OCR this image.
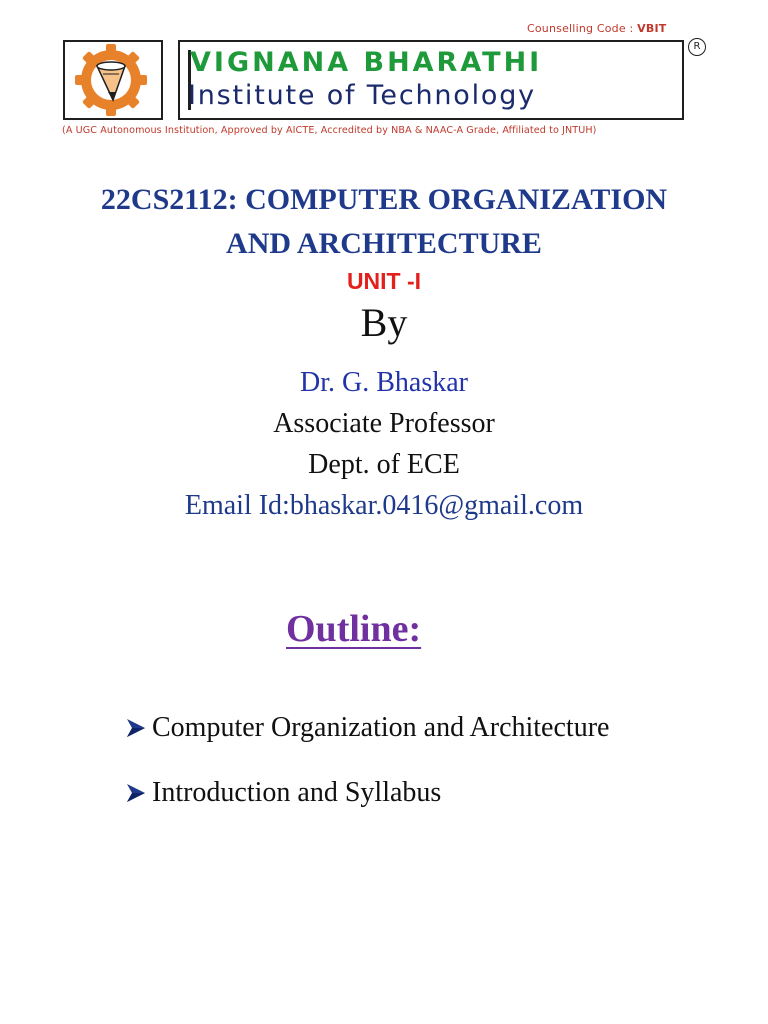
Counselling Code : VBIT
VIGNANA BHARATHI
Institute of Technology
R
(A UGC Autonomous Institution, Approved by AICTE, Accredited by NBA & NAAC-A Grade, Affiliated to JNTUH)
22CS2112: COMPUTER ORGANIZATION
AND ARCHITECTURE
UNIT -I
By
Dr. G. Bhaskar
Associate Professor
Dept. of ECE
Email Id:bhaskar.0416@gmail.com
Outline:
Computer Organization and Architecture
Introduction and Syllabus
